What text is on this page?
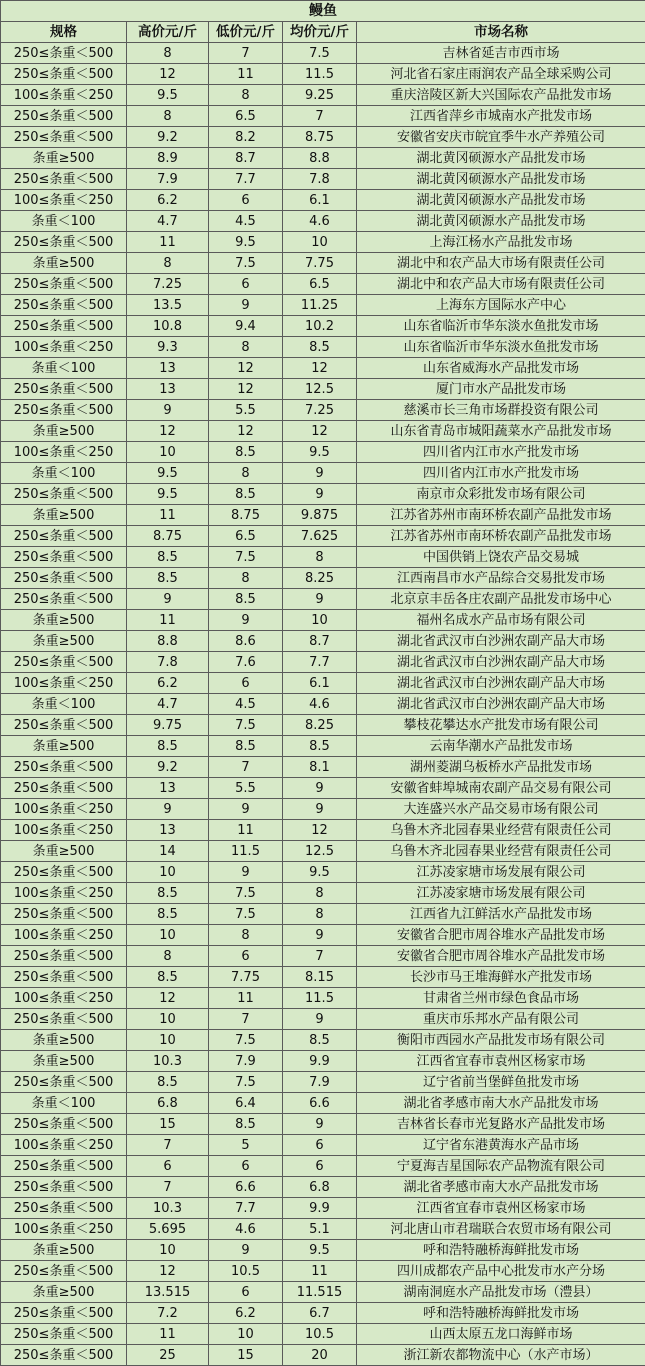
鳗鱼				
规格	高价元/斤	低价元/斤	均价元/斤	市场名称
250≤条重＜500	8	7	7.5	吉林省延吉市西市场
250≤条重＜500	12	11	11.5	河北省石家庄雨润农产品全球采购公司
100≤条重＜250	9.5	8	9.25	重庆涪陵区新大兴国际农产品批发市场
250≤条重＜500	8	6.5	7	江西省萍乡市城南水产批发市场
250≤条重＜500	9.2	8.2	8.75	安徽省安庆市皖宜季牛水产养殖公司
条重≥500	8.9	8.7	8.8	湖北黄冈硕源水产品批发市场
250≤条重＜500	7.9	7.7	7.8	湖北黄冈硕源水产品批发市场
100≤条重＜250	6.2	6	6.1	湖北黄冈硕源水产品批发市场
条重＜100	4.7	4.5	4.6	湖北黄冈硕源水产品批发市场
250≤条重＜500	11	9.5	10	上海江杨水产品批发市场
条重≥500	8	7.5	7.75	湖北中和农产品大市场有限责任公司
250≤条重＜500	7.25	6	6.5	湖北中和农产品大市场有限责任公司
250≤条重＜500	13.5	9	11.25	上海东方国际水产中心
250≤条重＜500	10.8	9.4	10.2	山东省临沂市华东淡水鱼批发市场
100≤条重＜250	9.3	8	8.5	山东省临沂市华东淡水鱼批发市场
条重＜100	13	12	12	山东省威海水产品批发市场
250≤条重＜500	13	12	12.5	厦门市水产品批发市场
250≤条重＜500	9	5.5	7.25	慈溪市长三角市场群投资有限公司
条重≥500	12	12	12	山东省青岛市城阳蔬菜水产品批发市场
100≤条重＜250	10	8.5	9.5	四川省内江市水产批发市场
条重＜100	9.5	8	9	四川省内江市水产批发市场
250≤条重＜500	9.5	8.5	9	南京市众彩批发市场有限公司
条重≥500	11	8.75	9.875	江苏省苏州市南环桥农副产品批发市场
250≤条重＜500	8.75	6.5	7.625	江苏省苏州市南环桥农副产品批发市场
250≤条重＜500	8.5	7.5	8	中国供销上饶农产品交易城
250≤条重＜500	8.5	8	8.25	江西南昌市水产品综合交易批发市场
250≤条重＜500	9	8.5	9	北京京丰岳各庄农副产品批发市场中心
条重≥500	11	9	10	福州名成水产品市场有限公司
条重≥500	8.8	8.6	8.7	湖北省武汉市白沙洲农副产品大市场
250≤条重＜500	7.8	7.6	7.7	湖北省武汉市白沙洲农副产品大市场
100≤条重＜250	6.2	6	6.1	湖北省武汉市白沙洲农副产品大市场
条重＜100	4.7	4.5	4.6	湖北省武汉市白沙洲农副产品大市场
250≤条重＜500	9.75	7.5	8.25	攀枝花攀达水产批发市场有限公司
条重≥500	8.5	8.5	8.5	云南华潮水产品批发市场
250≤条重＜500	9.2	7	8.1	湖州菱湖乌板桥水产品批发市场
250≤条重＜500	13	5.5	9	安徽省蚌埠城南农副产品交易有限公司
100≤条重＜250	9	9	9	大连盛兴水产品交易市场有限公司
100≤条重＜250	13	11	12	乌鲁木齐北园春果业经营有限责任公司
条重≥500	14	11.5	12.5	乌鲁木齐北园春果业经营有限责任公司
250≤条重＜500	10	9	9.5	江苏凌家塘市场发展有限公司
100≤条重＜250	8.5	7.5	8	江苏凌家塘市场发展有限公司
250≤条重＜500	8.5	7.5	8	江西省九江鲜活水产品批发市场
100≤条重＜250	10	8	9	安徽省合肥市周谷堆水产品批发市场
250≤条重＜500	8	6	7	安徽省合肥市周谷堆水产品批发市场
250≤条重＜500	8.5	7.75	8.15	长沙市马王堆海鲜水产批发市场
100≤条重＜250	12	11	11.5	甘肃省兰州市绿色食品市场
250≤条重＜500	10	7	9	重庆市乐邦水产品有限公司
条重≥500	10	7.5	8.5	衡阳市西园水产品批发市场有限公司
条重≥500	10.3	7.9	9.9	江西省宜春市袁州区杨家市场
250≤条重＜500	8.5	7.5	7.9	辽宁省前当堡鲜鱼批发市场
条重＜100	6.8	6.4	6.6	湖北省孝感市南大水产品批发市场
250≤条重＜500	15	8.5	9	吉林省长春市光复路水产品批发市场
100≤条重＜250	7	5	6	辽宁省东港黄海水产品市场
250≤条重＜500	6	6	6	宁夏海吉星国际农产品物流有限公司
250≤条重＜500	7	6.6	6.8	湖北省孝感市南大水产品批发市场
250≤条重＜500	10.3	7.7	9.9	江西省宜春市袁州区杨家市场
100≤条重＜250	5.695	4.6	5.1	河北唐山市君瑞联合农贸市场有限公司
条重≥500	10	9	9.5	呼和浩特融桥海鲜批发市场
250≤条重＜500	12	10.5	11	四川成都农产品中心批发市水产分场
条重≥500	13.515	6	11.515	湖南洞庭水产品批发市场（澧县）
250≤条重＜500	7.2	6.2	6.7	呼和浩特融桥海鲜批发市场
250≤条重＜500	11	10	10.5	山西太原五龙口海鲜市场
250≤条重＜500	25	15	20	浙江新农都物流中心（水产市场）
